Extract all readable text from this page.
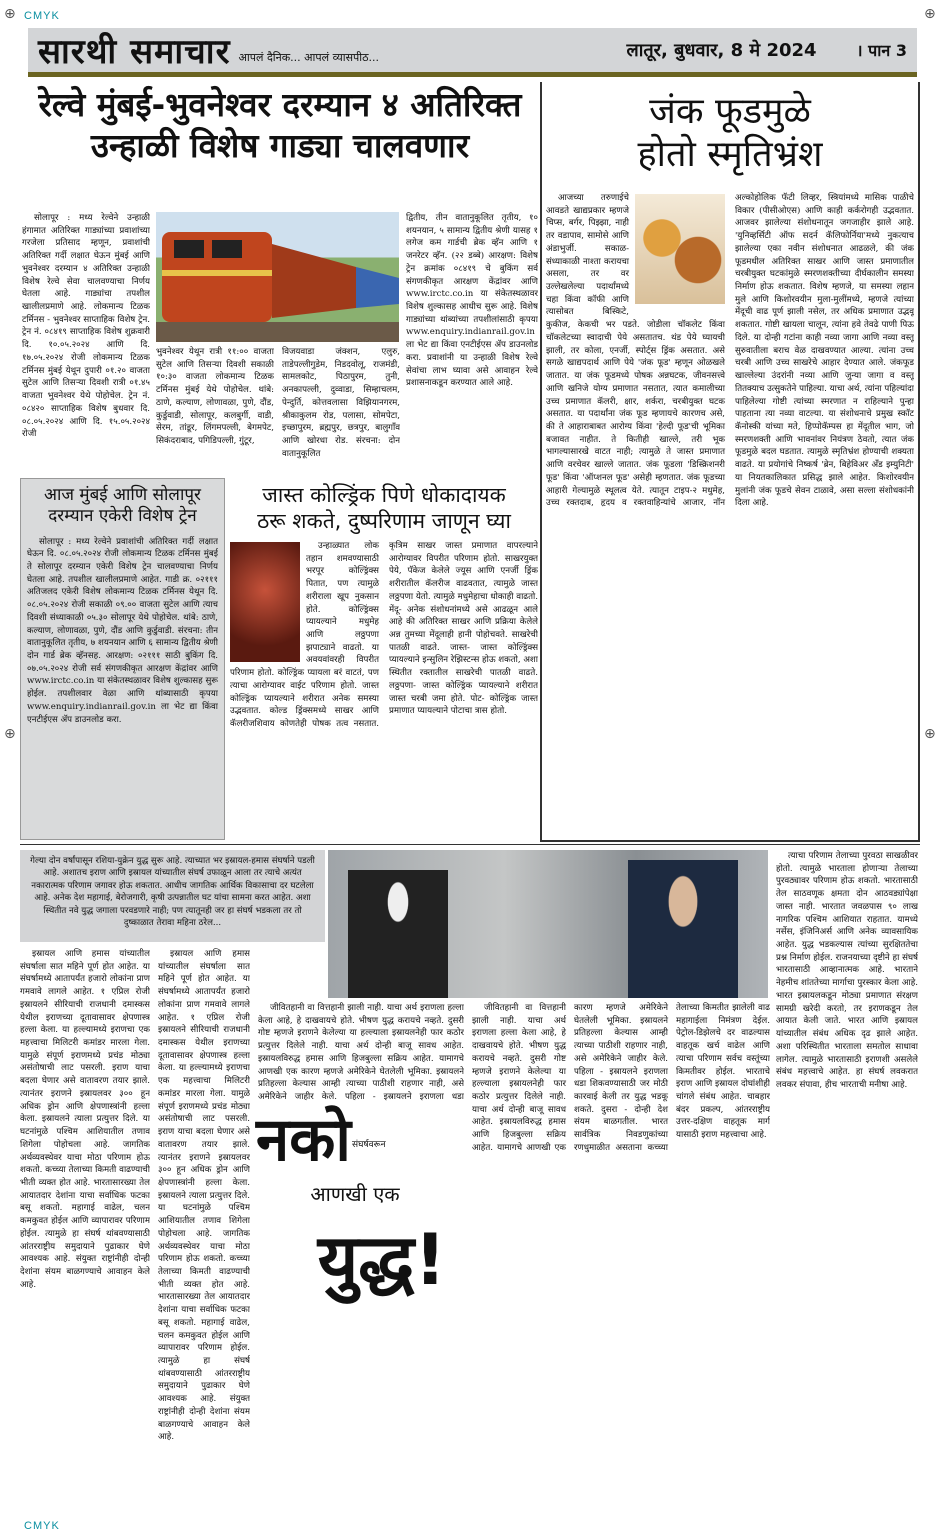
CMYK
⊕	⊕
⊕	⊕
सारथी समाचार आपलं दैनिक... आपलं व्यासपीठ...	लातूर, बुधवार, 8 मे 2024	। पान 3
रेल्वे मुंबई-भुवनेश्वर दरम्यान ४ अतिरिक्त
उन्हाळी विशेष गाड्या चालवणार
सोलापूर : मध्य रेल्वेने उन्हाळी हंगामात अतिरिक्त गाड्यांच्या प्रवाशांच्या गरजेला प्रतिसाद म्हणून, प्रवाशांची अतिरिक्त गर्दी लक्षात घेऊन मुंबई आणि भुवनेश्वर दरम्यान ४ अतिरिक्त उन्हाळी विशेष रेल्वे सेवा चालवण्याचा निर्णय घेतला आहे. गाड्यांचा तपशील खालीलप्रमाणे आहे. लोकमान्य टिळक टर्मिनस - भुवनेश्वर साप्ताहिक विशेष ट्रेन. ट्रेन नं. ०८४१९ साप्ताहिक विशेष शुक्रवारी दि. १०.०५.२०२४ आणि दि. १७.०५.२०२४ रोजी लोकमान्य टिळक टर्मिनस मुंबई येथून दुपारी ०१.२० वाजता सुटेल आणि तिसऱ्या दिवशी रात्री ०१.४५ वाजता भुवनेश्वर येथे पोहोचेल. ट्रेन नं. ०८४२० साप्ताहिक विशेष बुधवार दि. ०८.०५.२०२४ आणि दि. १५.०५.२०२४ रोजी
भुवनेश्वर येथून रात्री ११:०० वाजता सुटेल आणि तिसऱ्या दिवशी सकाळी १०:३० वाजता लोकमान्य टिळक टर्मिनस मुंबई येथे पोहोचेल. थांबे: ठाणे, कल्याण, लोणावळा, पुणे, दौंड, कुर्डुवाडी, सोलापूर, कलबुर्गी, वाडी, सेरम, तांडूर, लिंगमपल्ली, बेगमपेट, सिकंदराबाद, पगिडिपल्ली, गुंटूर,
विजयवाडा जंक्शन, एलुरु, ताडेपल्लीगुडेम, निडदवोलू, राजमंडी, सामलकोट, पिठापुरम, तुनी, अनकापल्ली, दुव्वाडा, सिम्हाचलम, पेन्दुर्ति, कोत्तवलासा विझियानगरम, श्रीकाकुलम रोड, पलासा, सोमपेटा, इच्छापुरम, ब्रह्मपुर, छत्रपुर, बालुगाँव आणि खोरधा रोड. संरचना: दोन वातानुकूलित
द्वितीय, तीन वातानुकूलित तृतीय, १० शयनयान, ५ सामान्य द्वितीय श्रेणी यासह १ लगेज कम गार्डची ब्रेक व्हॅन आणि १ जनरेटर व्हॅन. (२२ डब्बे) आरक्षण: विशेष ट्रेन क्रमांक ०८४१९ चे बुकिंग सर्व संगणकीकृत आरक्षण केंद्रांवर आणि www.irctc.co.in या संकेतस्थळावर विशेष शुल्कासह आधीच सुरू आहे. विशेष गाड्यांच्या थांब्यांच्या तपशीलांसाठी कृपया www.enquiry.indianrail.gov.in ला भेट द्या किंवा एनटीईएस ॲप डाउनलोड करा. प्रवाशांनी या उन्हाळी विशेष रेल्वे सेवांचा लाभ घ्यावा असे आवाहन रेल्वे प्रशासनाकडून करण्यात आले आहे.
आज मुंबई आणि सोलापूर दरम्यान एकेरी विशेष ट्रेन
सोलापूर : मध्य रेल्वेने प्रवाशांची अतिरिक्त गर्दी लक्षात घेऊन दि. ०८.०५.२०२४ रोजी लोकमान्य टिळक टर्मिनस मुंबई ते सोलापूर दरम्यान एकेरी विशेष ट्रेन चालवण्याचा निर्णय घेतला आहे. तपशील खालीलप्रमाणे आहेत. गाडी क्र. ०२१११ अतिजलद एकेरी विशेष लोकमान्य टिळक टर्मिनस येथून दि. ०८.०५.२०२४ रोजी सकाळी ०९.०० वाजता सुटेल आणि त्याच दिवशी संध्याकाळी ०५.३० सोलापूर येथे पोहोचेल. थांबे: ठाणे, कल्याण, लोणावळा, पुणे, दौंड आणि कुर्डुवाडी. संरचना: तीन वातानुकूलित तृतीय, ७ शयनयान आणि ६ सामान्य द्वितीय श्रेणी दोन गार्ड ब्रेक व्हॅनसह. आरक्षण: ०२१११ साठी बुकिंग दि. ०७.०५.२०२४ रोजी सर्व संगणकीकृत आरक्षण केंद्रांवर आणि www.irctc.co.in या संकेतस्थळावर विशेष शुल्कासह सुरू होईल. तपशीलवार वेळा आणि थांब्यासाठी कृपया www.enquiry.indianrail.gov.in ला भेट द्या किंवा एनटीईएस ॲप डाउनलोड करा.
जास्त कोल्ड्रिंक पिणे धोकादायक
ठरू शकते, दुष्परिणाम जाणून घ्या
उन्हाळ्यात लोक तहान शमवण्यासाठी भरपूर कोल्ड्रिंक्स पितात, पण त्यामुळे शरीराला खूप नुकसान होते. कोल्ड्रिंक्स प्यायल्याने मधुमेह आणि लठ्ठपणा झपाट्याने वाढतो. या अवयवांवरही विपरीत परिणाम होतो. कोल्ड्रिंक प्यायला बरं वाटतं, पण त्याचा आरोग्यावर वाईट परिणाम होतो. जास्त कोल्ड्रिंक प्यायल्याने शरीरात अनेक समस्या उद्भवतात. कोल्ड ड्रिंक्समध्ये साखर आणि कॅलरीजशिवाय कोणतेही पोषक तत्व नसतात. कृत्रिम साखर जास्त प्रमाणात वापरल्याने आरोग्यावर विपरीत परिणाम होतो. साखरयुक्त पेये, पॅकेज केलेले ज्यूस आणि एनर्जी ड्रिंक शरीरातील कॅलरीज वाढवतात, त्यामुळे जास्त लठ्ठपणा येतो. त्यामुळे मधुमेहाचा धोकाही वाढतो. मेंदू- अनेक संशोधनांमध्ये असे आढळून आले आहे की अतिरिक्त साखर आणि प्रक्रिया केलेले अन्न तुमच्या मेंदूलाही हानी पोहोचवते. साखरेची पातळी वाढते. जास्त- जास्त कोल्ड्रिंक्स प्यायल्याने इन्सुलिन रेझिस्टन्स होऊ शकतो, अशा स्थितीत रक्तातील साखरेची पातळी वाढते. लठ्ठपणा- जास्त कोल्ड्रिंक प्यायल्याने शरीरात जास्त चरबी जमा होते. पोट- कोल्ड्रिंक जास्त प्रमाणात प्यायल्याने पोटाचा त्रास होतो.
जंक फूडमुळे
होतो स्मृतिभ्रंश
आजच्या तरुणाईचे आवडते खाद्यप्रकार म्हणजे चिप्स, बर्गर, पिझ्झा, नाही तर वडापाव, सामोसे आणि अंडाभुर्जी. सकाळ-संध्याकाळी नाश्ता करायचा असला, तर वर उल्लेखलेल्या पदार्थांमध्ये चहा किंवा कॉफी आणि त्यासोबत बिस्किटे, कुकीज, केकची भर पडते. जोडीला चॉकलेट किंवा चॉकलेटच्या स्वादाची पेये असतातच. थंड पेये घ्यायची झाली, तर कोला, एनर्जी, स्पोर्ट्स ड्रिंक असतात. असे सगळे खाद्यपदार्थ आणि पेये 'जंक फूड' म्हणून ओळखले जातात. या जंक फूडमध्ये पोषक अन्नघटक, जीवनसत्त्वे आणि खनिजे योग्य प्रमाणात नसतात, त्यात कमालीच्या उच्च प्रमाणात कॅलरी, क्षार, शर्करा, चरबीयुक्त घटक असतात. या पदार्थांना जंक फूड म्हणायचे कारणच असे, की ते आहाराबाबत आरोग्य किंवा 'हेल्दी फूड'ची भूमिका बजावत नाहीत. ते कितीही खाल्ले, तरी भूक भागल्यासारखे वाटत नाही; त्यामुळे ते जास्त प्रमाणात आणि वरचेवर खाल्ले जातात. जंक फूडला 'डिस्क्रिशनरी फूड' किंवा 'ऑप्शनल फूड' असेही म्हणतात. जंक फूडच्या आहारी गेल्यामुळे स्थूलत्व येते. त्यातून टाइप-२ मधुमेह, उच्च रक्तदाब, हृदय व रक्तवाहिन्यांचे आजार, नॉन अल्कोहोलिक फॅटी लिव्हर, स्त्रियांमध्ये मासिक पाळीचे विकार (पीसीओएस) आणि काही कर्करोगही उद्भवतात. आजवर झालेल्या संशोधनातून जगजाहीर झाले आहे. 'युनिव्हर्सिटी ऑफ सदर्न कॅलिफोर्निया'मध्ये नुकत्याच झालेल्या एका नवीन संशोधनात आढळले, की जंक फूडमधील अतिरिक्त साखर आणि जास्त प्रमाणातील चरबीयुक्त घटकांमुळे स्मरणशक्तीच्या दीर्घकालीन समस्या निर्माण होऊ शकतात. विशेष म्हणजे, या समस्या लहान मुले आणि किशोरवयीन मुला-मुलींमध्ये, म्हणजे त्यांच्या मेंदूची वाढ पूर्ण झाली नसेल, तर अधिक प्रमाणात उद्भवू शकतात. गोष्टी खायला चालून, त्यांना हवे तेवढे पाणी पिऊ दिले. या दोन्ही गटांना काही नव्या जागा आणि नव्या वस्तू सुरुवातीला बराच वेळ दाखवण्यात आल्या. त्यांना उच्च चरबी आणि उच्च साखरेचे आहार देण्यात आले. जंकफूड खाल्लेल्या उंदरांनी नव्या आणि जुन्या जागा व वस्तू तितक्याच उत्सुकतेने पाहिल्या. याचा अर्थ, त्यांना पहिल्यांदा पाहिलेल्या गोष्टी त्यांच्या स्मरणात न राहिल्याने पुन्हा पाहताना त्या नव्या वाटल्या. या संशोधनाचे प्रमुख स्कॉट कॅनोस्की यांच्या मते, हिप्पोकॅम्पस हा मेंदूतील भाग, जो स्मरणशक्ती आणि भावनांवर नियंत्रण ठेवतो, त्यात जंक फूडमुळे बदल घडतात. त्यामुळे स्मृतिभ्रंश होण्याची शक्यता वाढते. या प्रयोगांचे निष्कर्ष 'ब्रेन, बिहेविअर अँड इम्युनिटी' या नियतकालिकात प्रसिद्ध झाले आहेत. किशोरवयीन मुलांनी जंक फूडचे सेवन टाळावे, असा सल्ला संशोधकांनी दिला आहे.
गेल्या दोन वर्षांपासून रशिया-युक्रेन युद्ध सुरू आहे. त्याच्यात भर इस्रायल-हमास संघर्षाने पडली आहे. अशातच इराण आणि इस्रायल यांच्यातील संघर्ष उफाळून आला तर त्याचे अत्यंत नकारात्मक परिणाम जगावर होऊ शकतात. आधीच जागतिक आर्थिक विकासाचा दर घटलेला आहे. अनेक देश महागाई, बेरोजगारी, कृषी उत्पन्नातील घट यांचा सामना करत आहेत. अशा स्थितीत नवे युद्ध जगाला परवडणारे नाही; पण त्यातूनही जर हा संघर्ष भडकला तर तो दुष्काळात तेरावा महिना ठरेल...
इस्रायल आणि हमास यांच्यातील संघर्षाला सात महिने पूर्ण होत आहेत. या संघर्षामध्ये आतापर्यंत हजारो लोकांना प्राण गमवावे लागले आहेत. १ एप्रिल रोजी इस्रायलने सीरियाची राजधानी दमास्कस येथील इराणच्या दूतावासावर क्षेपणास्त्र हल्ला केला. या हल्ल्यामध्ये इराणचा एक महत्त्वाचा मिलिटरी कमांडर मारला गेला. यामुळे संपूर्ण इराणमध्ये प्रचंड मोठ्या असंतोषाची लाट पसरली. इराण याचा बदला घेणार असे वातावरण तयार झाले. त्यानंतर इराणने इस्रायलवर ३०० हून अधिक ड्रोन आणि क्षेपणास्त्रांनी हल्ला केला. इस्रायलने त्याला प्रत्युत्तर दिले. या घटनांमुळे पश्चिम आशियातील तणाव शिगेला पोहोचला आहे. जागतिक अर्थव्यवस्थेवर याचा मोठा परिणाम होऊ शकतो. कच्च्या तेलाच्या किमती वाढण्याची भीती व्यक्त होत आहे. भारतासारख्या तेल आयातदार देशांना याचा सर्वाधिक फटका बसू शकतो. महागाई वाढेल, चलन कमकुवत होईल आणि व्यापारावर परिणाम होईल. त्यामुळे हा संघर्ष थांबवण्यासाठी आंतरराष्ट्रीय समुदायाने पुढाकार घेणे आवश्यक आहे. संयुक्त राष्ट्रांनीही दोन्ही देशांना संयम बाळगण्याचे आवाहन केले आहे.
इस्रायल आणि हमास यांच्यातील संघर्षाला सात महिने पूर्ण होत आहेत. या संघर्षामध्ये आतापर्यंत हजारो लोकांना प्राण गमवावे लागले आहेत. १ एप्रिल रोजी इस्रायलने सीरियाची राजधानी दमास्कस येथील इराणच्या दूतावासावर क्षेपणास्त्र हल्ला केला. या हल्ल्यामध्ये इराणचा एक महत्त्वाचा मिलिटरी कमांडर मारला गेला. यामुळे संपूर्ण इराणमध्ये प्रचंड मोठ्या असंतोषाची लाट पसरली. इराण याचा बदला घेणार असे वातावरण तयार झाले. त्यानंतर इराणने इस्रायलवर ३०० हून अधिक ड्रोन आणि क्षेपणास्त्रांनी हल्ला केला. इस्रायलने त्याला प्रत्युत्तर दिले. या घटनांमुळे पश्चिम आशियातील तणाव शिगेला पोहोचला आहे. जागतिक अर्थव्यवस्थेवर याचा मोठा परिणाम होऊ शकतो. कच्च्या तेलाच्या किमती वाढण्याची भीती व्यक्त होत आहे. भारतासारख्या तेल आयातदार देशांना याचा सर्वाधिक फटका बसू शकतो. महागाई वाढेल, चलन कमकुवत होईल आणि व्यापारावर परिणाम होईल. त्यामुळे हा संघर्ष थांबवण्यासाठी आंतरराष्ट्रीय समुदायाने पुढाकार घेणे आवश्यक आहे. संयुक्त राष्ट्रांनीही दोन्ही देशांना संयम बाळगण्याचे आवाहन केले आहे.
जीवितहानी वा वित्तहानी झाली नाही. याचा अर्थ इराणला हल्ला केला आहे, हे दाखवायचे होते. भीषण युद्ध करायचे नव्हते. दुसरी गोष्ट म्हणजे इराणने केलेल्या या हल्ल्याला इस्रायलनेही फार कठोर प्रत्युत्तर दिलेले नाही. याचा अर्थ दोन्ही बाजू सावध आहेत. इस्रायलविरुद्ध हमास आणि हिजबुल्ला सक्रिय आहेत. यामागचे आणखी एक कारण म्हणजे अमेरिकेने घेतलेली भूमिका. इस्रायलने प्रतिहल्ला केल्यास आम्ही त्याच्या पाठीशी राहणार नाही, असे अमेरिकेने जाहीर केले. पहिला - इस्रायलने इराणला धडा
नको संघर्षवरून
आणखी एक
युद्ध!
जीवितहानी वा वित्तहानी झाली नाही. याचा अर्थ इराणला हल्ला केला आहे, हे दाखवायचे होते. भीषण युद्ध करायचे नव्हते. दुसरी गोष्ट म्हणजे इराणने केलेल्या या हल्ल्याला इस्रायलनेही फार कठोर प्रत्युत्तर दिलेले नाही. याचा अर्थ दोन्ही बाजू सावध आहेत. इस्रायलविरुद्ध हमास आणि हिजबुल्ला सक्रिय आहेत. यामागचे आणखी एक कारण म्हणजे अमेरिकेने घेतलेली भूमिका. इस्रायलने प्रतिहल्ला केल्यास आम्ही त्याच्या पाठीशी राहणार नाही, असे अमेरिकेने जाहीर केले. पहिला - इस्रायलने इराणला धडा शिकवण्यासाठी जर मोठी कारवाई केली तर युद्ध भडकू शकते. दुसरा - दोन्ही देश संयम बाळगतील. भारत सार्वत्रिक निवडणुकांच्या रणधुमाळीत असताना कच्च्या तेलाच्या किमतीत झालेली वाढ महागाईला निमंत्रण देईल. पेट्रोल-डिझेलचे दर वाढल्यास वाहतूक खर्च वाढेल आणि त्याचा परिणाम सर्वच वस्तूंच्या किमतीवर होईल. भारताचे इराण आणि इस्रायल दोघांशीही चांगले संबंध आहेत. चाबहार बंदर प्रकल्प, आंतरराष्ट्रीय उत्तर-दक्षिण वाहतूक मार्ग यासाठी इराण महत्त्वाचा आहे.
त्याचा परिणाम तेलाच्या पुरवठा साखळीवर होतो. त्यामुळे भारताला होणाऱ्या तेलाच्या पुरवठ्यावर परिणाम होऊ शकतो. भारतासाठी तेल साठवणूक क्षमता दोन आठवड्यांपेक्षा जास्त नाही. भारतात जवळपास ९० लाख नागरिक पश्चिम आशियात राहतात. यामध्ये नर्सेस, इंजिनिअर्स आणि अनेक व्यावसायिक आहेत. युद्ध भडकल्यास त्यांच्या सुरक्षिततेचा प्रश्न निर्माण होईल. राजनयाच्या दृष्टीने हा संघर्ष भारतासाठी आव्हानात्मक आहे. भारताने नेहमीच शांततेच्या मार्गाचा पुरस्कार केला आहे. भारत इस्रायलकडून मोठ्या प्रमाणात संरक्षण सामग्री खरेदी करतो, तर इराणकडून तेल आयात केली जाते. भारत आणि इस्रायल यांच्यातील संबंध अधिक दृढ झाले आहेत. अशा परिस्थितीत भारताला समतोल साधावा लागेल. त्यामुळे भारतासाठी इराणशी असलेले संबंध महत्त्वाचे आहेत. हा संघर्ष लवकरात लवकर संपावा, हीच भारताची मनीषा आहे.
CMYK
